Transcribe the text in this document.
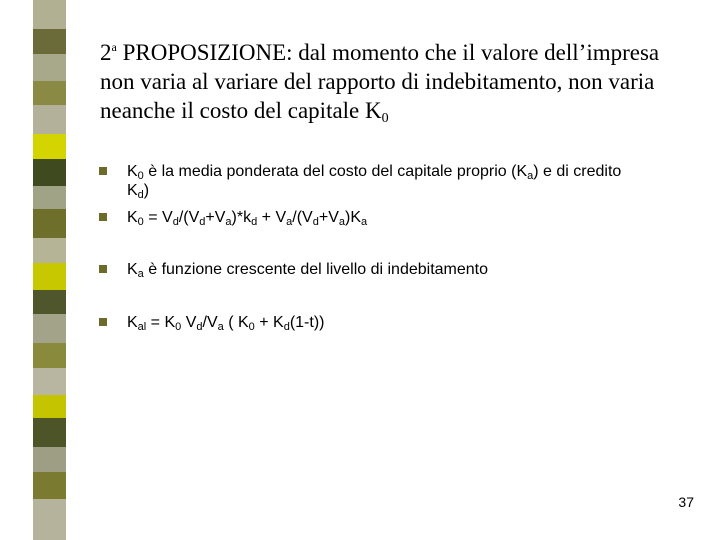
2$^a$ PROPOSIZIONE: dal momento che il valore dell’impresa
non varia al variare del rapporto di indebitamento, non varia
neanche il costo del capitale $K_0$
$K_0$ è la media ponderata del costo del capitale proprio $(K_a)$ e di credito
$K_d$)
$K_0 = V_d/(V_d+V_a)*k_d + V_a/(V_d+V_a)K_a$
$K_a$ è funzione crescente del livello di indebitamento
$K_{al} = K_0$ $V_d/V_a$ ( $K_0 + K_d(1-t)$)
37
